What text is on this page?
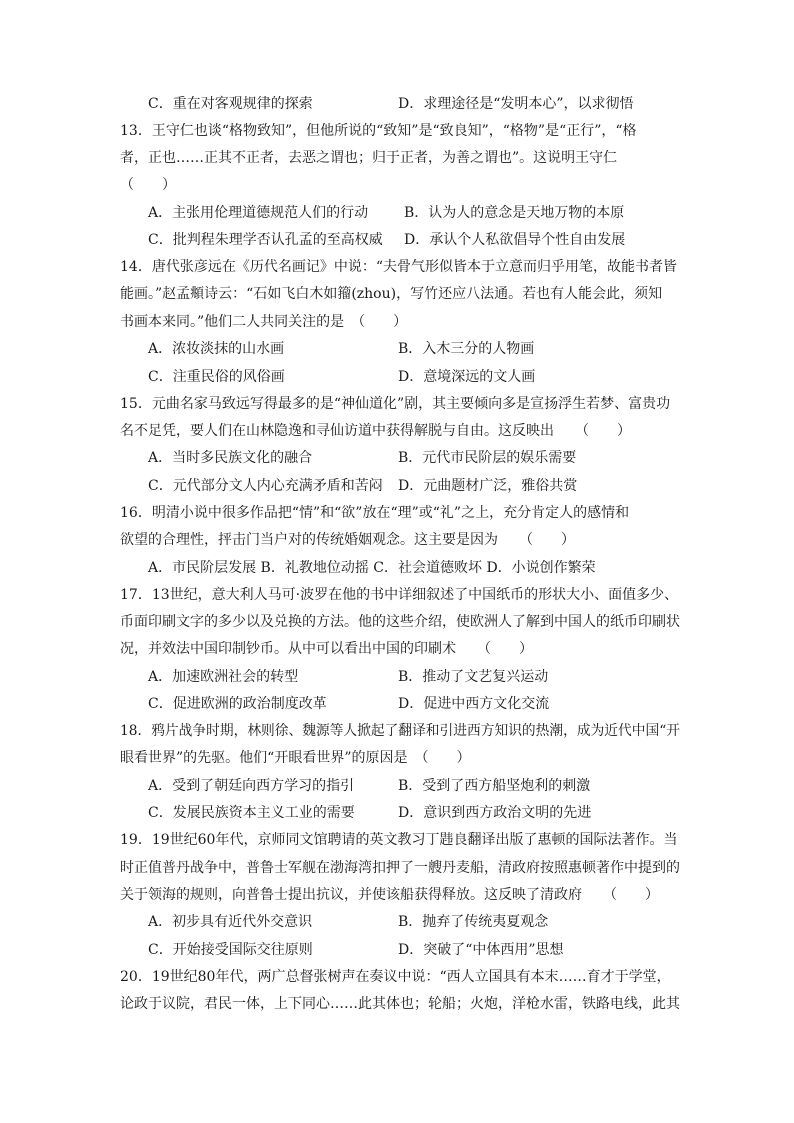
C．重在对客观规律的探索	D．求理途径是“发明本心”，以求彻悟
13．王守仁也谈“格物致知”，但他所说的“致知”是“致良知”，“格物”是“正行”，“格
者，正也……正其不正者，去恶之谓也；归于正者，为善之谓也”。这说明王守仁
（　　）
A．主张用伦理道德规范人们的行动	B．认为人的意念是天地万物的本原
C．批判程朱理学否认孔孟的至高权威 D．承认个人私欲倡导个性自由发展
14．唐代张彦远在《历代名画记》中说：“夫骨气形似皆本于立意而归乎用笔，故能书者皆
能画。”赵孟頫诗云：“石如飞白木如籀(zhou)，写竹还应八法通。若也有人能会此，须知
书画本来同。”他们二人共同关注的是　（　　）
A．浓妆淡抹的山水画	B．入木三分的人物画
C．注重民俗的风俗画	D．意境深远的文人画
15．元曲名家马致远写得最多的是“神仙道化”剧，其主要倾向多是宣扬浮生若梦、富贵功
名不足凭，要人们在山林隐逸和寻仙访道中获得解脱与自由。这反映出　　（　　）
A．当时多民族文化的融合	B．元代市民阶层的娱乐需要
C．元代部分文人内心充满矛盾和苦闷 D．元曲题材广泛，雅俗共赏
16．明清小说中很多作品把“情”和“欲”放在“理”或“礼”之上，充分肯定人的感情和
欲望的合理性，抨击门当户对的传统婚姻观念。这主要是因为　　（　　）
A．市民阶层发展 B．礼教地位动摇 C．社会道德败坏 D．小说创作繁荣
17．13世纪，意大利人马可·波罗在他的书中详细叙述了中国纸币的形状大小、面值多少、
币面印刷文字的多少以及兑换的方法。他的这些介绍，使欧洲人了解到中国人的纸币印刷状
况，并效法中国印制钞币。从中可以看出中国的印刷术　　（　　）
A．加速欧洲社会的转型	B．推动了文艺复兴运动
C．促进欧洲的政治制度改革	D．促进中西方文化交流
18．鸦片战争时期，林则徐、魏源等人掀起了翻译和引进西方知识的热潮，成为近代中国“开
眼看世界”的先驱。他们“开眼看世界”的原因是　（　　）
A．受到了朝廷向西方学习的指引	B．受到了西方船坚炮利的刺激
C．发展民族资本主义工业的需要	D．意识到西方政治文明的先进
19．19世纪60年代，京师同文馆聘请的英文教习丁韪良翻译出版了惠顿的国际法著作。当
时正值普丹战争中，普鲁士军舰在渤海湾扣押了一艘丹麦船，清政府按照惠顿著作中提到的
关于领海的规则，向普鲁士提出抗议，并使该船获得释放。这反映了清政府　　（　　）
A．初步具有近代外交意识	B．抛弃了传统夷夏观念
C．开始接受国际交往原则	D．突破了“中体西用”思想
20．19世纪80年代，两广总督张树声在奏议中说：“西人立国具有本末……育才于学堂，
论政于议院，君民一体，上下同心……此其体也；轮船；火炮，洋枪水雷，铁路电线，此其
